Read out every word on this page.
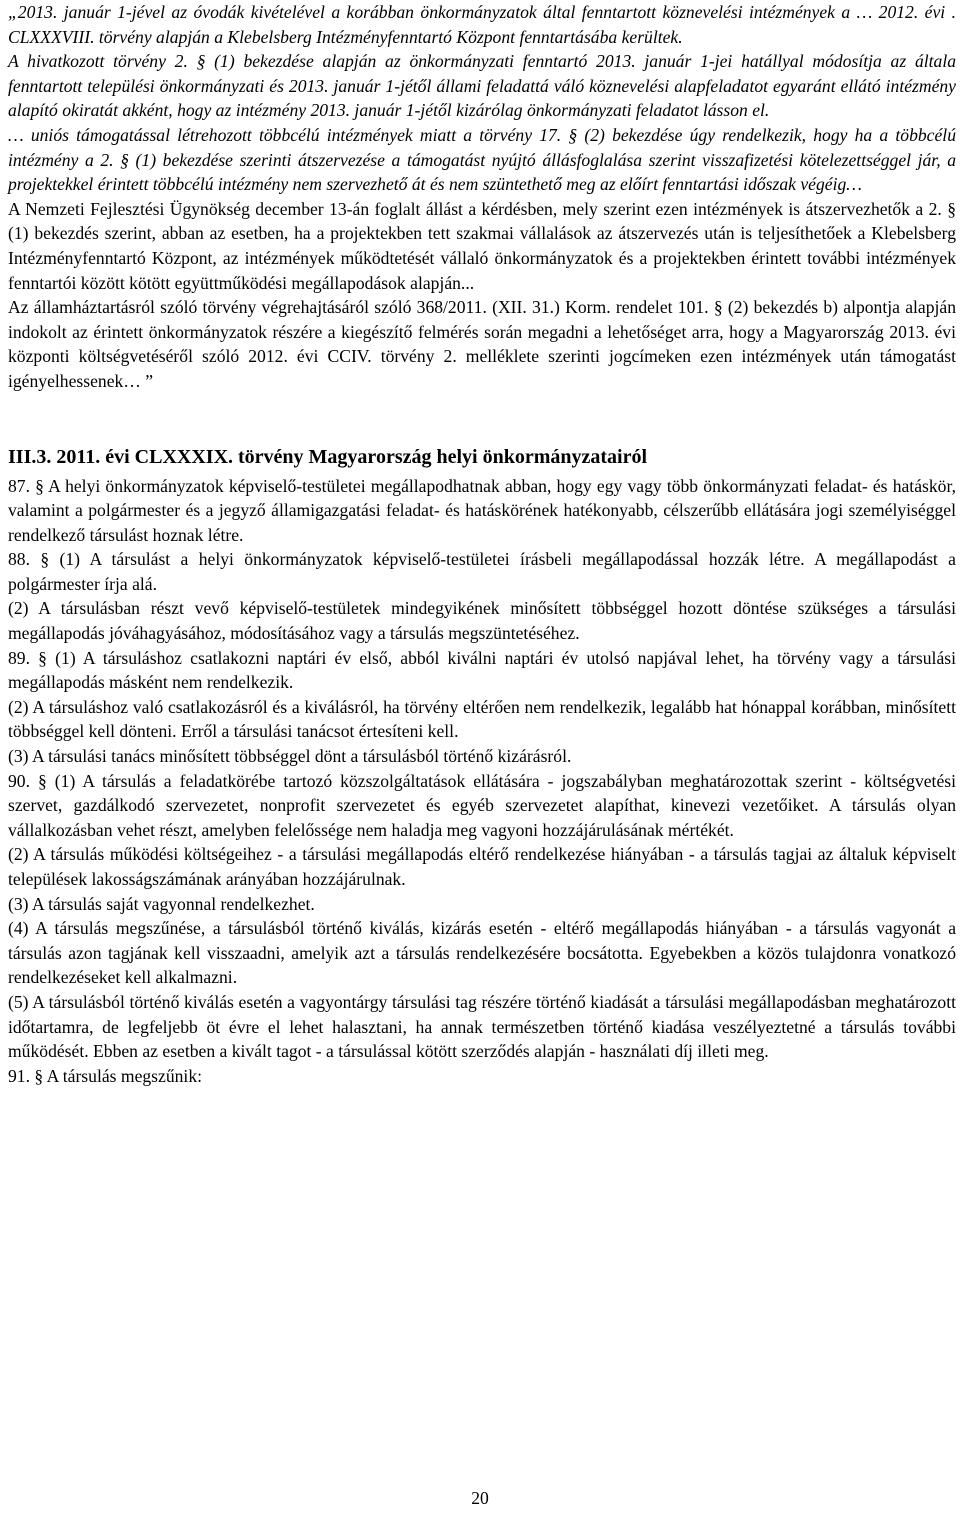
„2013. január 1-jével az óvodák kivételével a korábban önkormányzatok által fenntartott köznevelési intézmények a … 2012. évi . CLXXXVIII. törvény alapján a Klebelsberg Intézményfenntartó Központ fenntartásába kerültek.

A hivatkozott törvény 2. § (1) bekezdése alapján az önkormányzati fenntartó 2013. január 1-jei hatállyal módosítja az általa fenntartott települési önkormányzati és 2013. január 1-jétől állami feladattá váló köznevelési alapfeladatot egyaránt ellátó intézmény alapító okiratát akként, hogy az intézmény 2013. január 1-jétől kizárólag önkormányzati feladatot lásson el.

… uniós támogatással létrehozott többcélú intézmények miatt a törvény 17. § (2) bekezdése úgy rendelkezik, hogy ha a többcélú intézmény a 2. § (1) bekezdése szerinti átszervezése a támogatást nyújtó állásfoglalása szerint visszafizetési kötelezettséggel jár, a projektekkel érintett többcélú intézmény nem szervezhető át és nem szüntethető meg az előírt fenntartási időszak végéig…

A Nemzeti Fejlesztési Ügynökség december 13-án foglalt állást a kérdésben, mely szerint ezen intézmények is átszervezhetők a 2. § (1) bekezdés szerint, abban az esetben, ha a projektekben tett szakmai vállalások az átszervezés után is teljesíthetőek a Klebelsberg Intézményfenntartó Központ, az intézmények működtetését vállaló önkormányzatok és a projektekben érintett további intézmények fenntartói között kötött együttműködési megállapodások alapján...

Az államháztartásról szóló törvény végrehajtásáról szóló 368/2011. (XII. 31.) Korm. rendelet 101. § (2) bekezdés b) alpontja alapján indokolt az érintett önkormányzatok részére a kiegészítő felmérés során megadni a lehetőséget arra, hogy a Magyarország 2013. évi központi költségvetéséről szóló 2012. évi CCIV. törvény 2. melléklete szerinti jogcímeken ezen intézmények után támogatást igényelhessenek… ”

III.3. 2011. évi CLXXXIX. törvény Magyarország helyi önkormányzatairól

87. § A helyi önkormányzatok képviselő-testületei megállapodhatnak abban, hogy egy vagy több önkormányzati feladat- és hatáskör, valamint a polgármester és a jegyző államigazgatási feladat- és hatáskörének hatékonyabb, célszerűbb ellátására jogi személyiséggel rendelkező társulást hoznak létre.

88. § (1) A társulást a helyi önkormányzatok képviselő-testületei írásbeli megállapodással hozzák létre. A megállapodást a polgármester írja alá.

(2) A társulásban részt vevő képviselő-testületek mindegyikének minősített többséggel hozott döntése szükséges a társulási megállapodás jóváhagyásához, módosításához vagy a társulás megszüntetéséhez.

89. § (1) A társuláshoz csatlakozni naptári év első, abból kiválni naptári év utolsó napjával lehet, ha törvény vagy a társulási megállapodás másként nem rendelkezik.

(2) A társuláshoz való csatlakozásról és a kiválásról, ha törvény eltérően nem rendelkezik, legalább hat hónappal korábban, minősített többséggel kell dönteni. Erről a társulási tanácsot értesíteni kell.

(3) A társulási tanács minősített többséggel dönt a társulásból történő kizárásról.

90. § (1) A társulás a feladatkörébe tartozó közszolgáltatások ellátására - jogszabályban meghatározottak szerint - költségvetési szervet, gazdálkodó szervezetet, nonprofit szervezetet és egyéb szervezetet alapíthat, kinevezi vezetőiket. A társulás olyan vállalkozásban vehet részt, amelyben felelőssége nem haladja meg vagyoni hozzájárulásának mértékét.

(2) A társulás működési költségeihez - a társulási megállapodás eltérő rendelkezése hiányában - a társulás tagjai az általuk képviselt települések lakosságszámának arányában hozzájárulnak.

(3) A társulás saját vagyonnal rendelkezhet.

(4) A társulás megszűnése, a társulásból történő kiválás, kizárás esetén - eltérő megállapodás hiányában - a társulás vagyonát a társulás azon tagjának kell visszaadni, amelyik azt a társulás rendelkezésére bocsátotta. Egyebekben a közös tulajdonra vonatkozó rendelkezéseket kell alkalmazni.

(5) A társulásból történő kiválás esetén a vagyontárgy társulási tag részére történő kiadását a társulási megállapodásban meghatározott időtartamra, de legfeljebb öt évre el lehet halasztani, ha annak természetben történő kiadása veszélyeztetné a társulás további működését. Ebben az esetben a kivált tagot - a társulással kötött szerződés alapján - használati díj illeti meg.

91. § A társulás megszűnik:

20
